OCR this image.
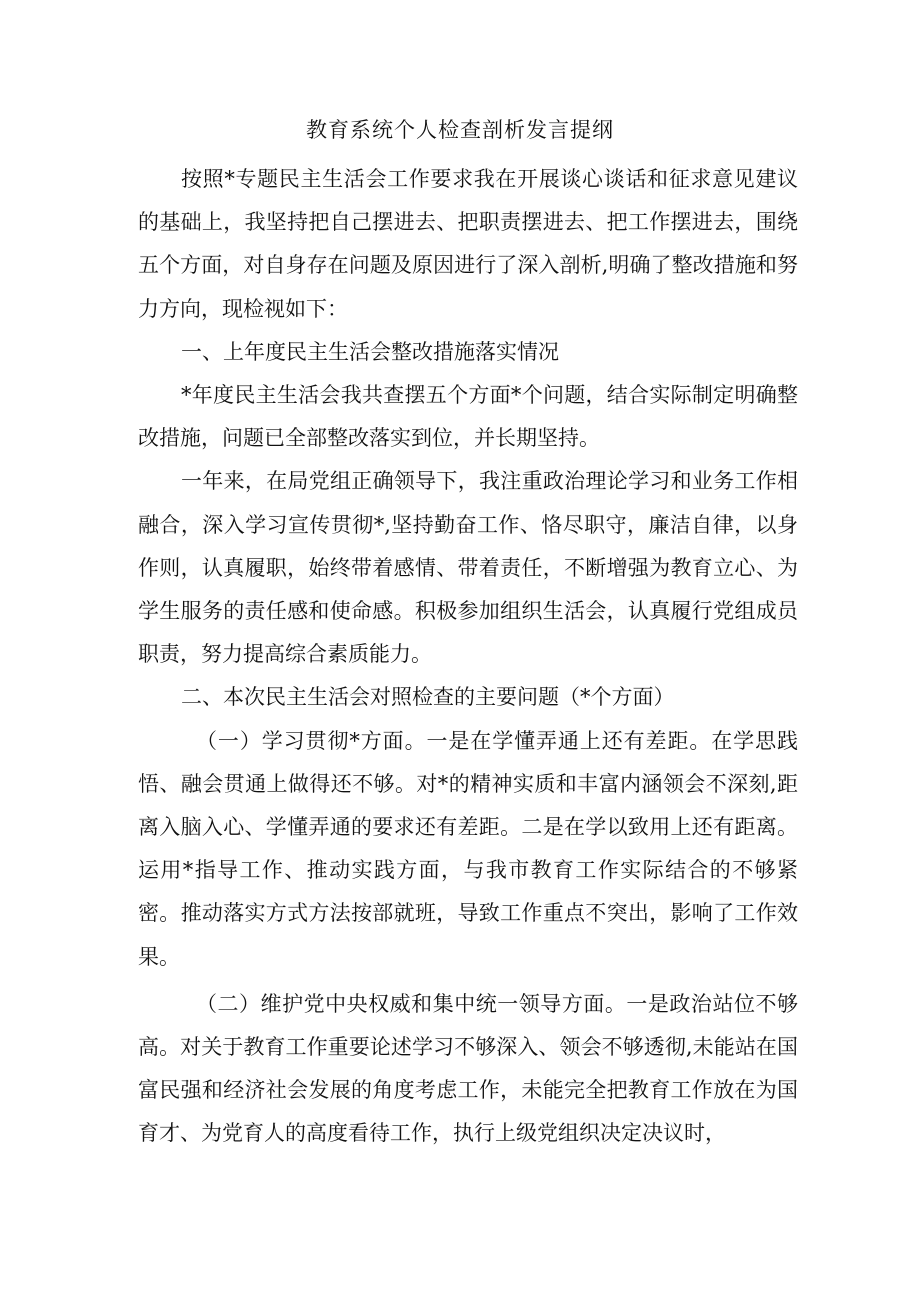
教育系统个人检查剖析发言提纲

按照*专题民主生活会工作要求我在开展谈心谈话和征求意见建议的基础上，我坚持把自己摆进去、把职责摆进去、把工作摆进去，围绕五个方面，对自身存在问题及原因进行了深入剖析,明确了整改措施和努力方向，现检视如下：

一、上年度民主生活会整改措施落实情况

*年度民主生活会我共查摆五个方面*个问题，结合实际制定明确整改措施，问题已全部整改落实到位，并长期坚持。

一年来，在局党组正确领导下，我注重政治理论学习和业务工作相融合，深入学习宣传贯彻*,坚持勤奋工作、恪尽职守，廉洁自律，以身作则，认真履职，始终带着感情、带着责任，不断增强为教育立心、为学生服务的责任感和使命感。积极参加组织生活会，认真履行党组成员职责，努力提高综合素质能力。

二、本次民主生活会对照检查的主要问题（*个方面）

（一）学习贯彻*方面。一是在学懂弄通上还有差距。在学思践悟、融会贯通上做得还不够。对*的精神实质和丰富内涵领会不深刻,距离入脑入心、学懂弄通的要求还有差距。二是在学以致用上还有距离。运用*指导工作、推动实践方面，与我市教育工作实际结合的不够紧密。推动落实方式方法按部就班，导致工作重点不突出，影响了工作效果。

（二）维护党中央权威和集中统一领导方面。一是政治站位不够高。对关于教育工作重要论述学习不够深入、领会不够透彻,未能站在国富民强和经济社会发展的角度考虑工作，未能完全把教育工作放在为国育才、为党育人的高度看待工作，执行上级党组织决定决议时，
